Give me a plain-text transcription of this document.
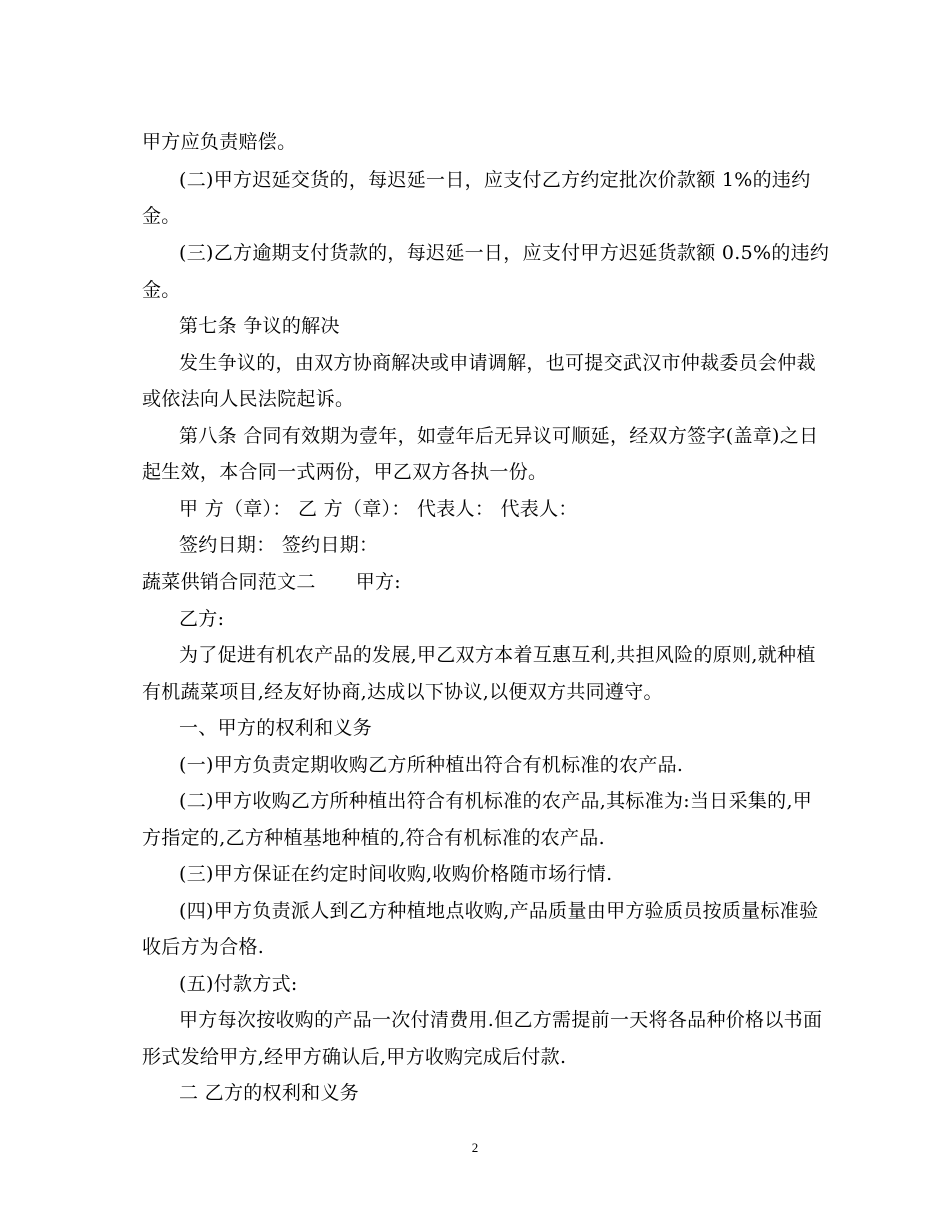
甲方应负责赔偿。
(二)甲方迟延交货的，每迟延一日，应支付乙方约定批次价款额 1%的违约
金。
(三)乙方逾期支付货款的，每迟延一日，应支付甲方迟延货款额 0.5%的违约
金。
第七条 争议的解决
发生争议的，由双方协商解决或申请调解，也可提交武汉市仲裁委员会仲裁
或依法向人民法院起诉。
第八条 合同有效期为壹年，如壹年后无异议可顺延，经双方签字(盖章)之日
起生效，本合同一式两份，甲乙双方各执一份。
甲 方（章）： 乙 方（章）： 代表人： 代表人：
签约日期： 签约日期：
蔬菜供销合同范文二 甲方:
乙方:
为了促进有机农产品的发展,甲乙双方本着互惠互利,共担风险的原则,就种植
有机蔬菜项目,经友好协商,达成以下协议,以便双方共同遵守。
一、甲方的权利和义务
(一)甲方负责定期收购乙方所种植出符合有机标准的农产品.
(二)甲方收购乙方所种植出符合有机标准的农产品,其标准为:当日采集的,甲
方指定的,乙方种植基地种植的,符合有机标准的农产品.
(三)甲方保证在约定时间收购,收购价格随市场行情.
(四)甲方负责派人到乙方种植地点收购,产品质量由甲方验质员按质量标准验
收后方为合格.
(五)付款方式:
甲方每次按收购的产品一次付清费用.但乙方需提前一天将各品种价格以书面
形式发给甲方,经甲方确认后,甲方收购完成后付款.
二 乙方的权利和义务
2
